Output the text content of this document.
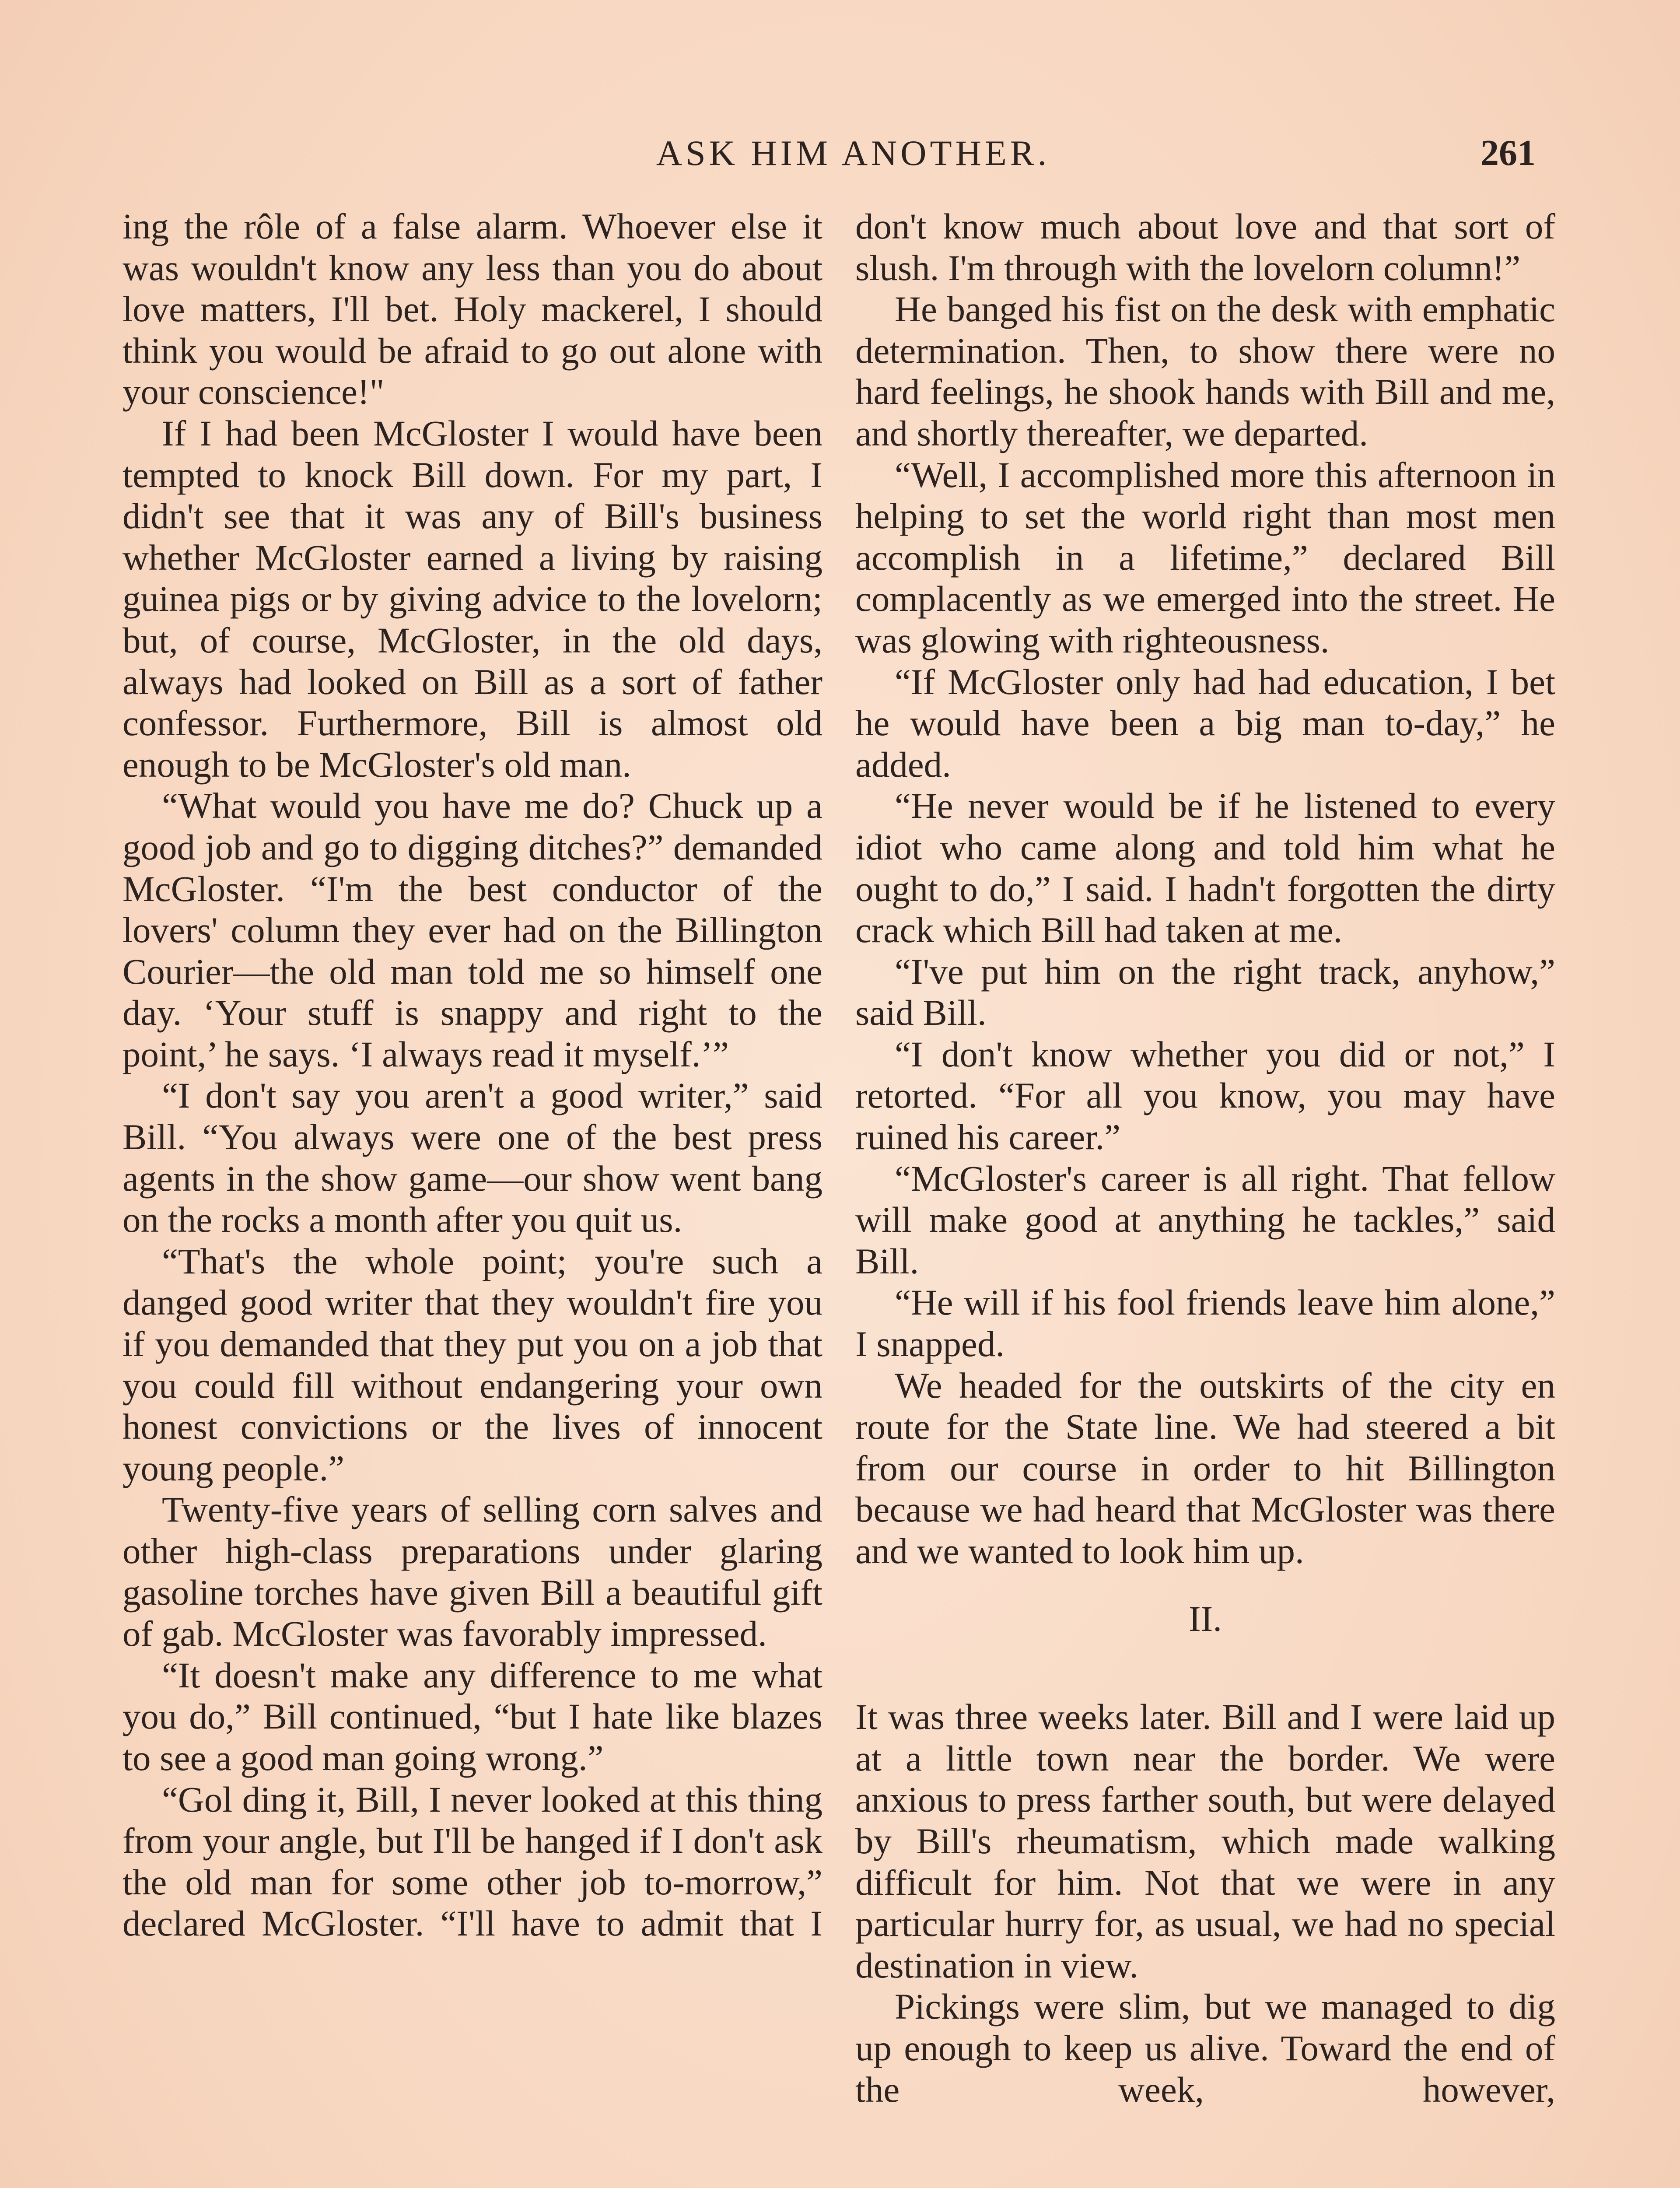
ASK HIM ANOTHER.	261

ing the rôle of a false alarm. Whoever else it was wouldn't know any less than you do about love matters, I'll bet. Holy mackerel, I should think you would be afraid to go out alone with your conscience!"

If I had been McGloster I would have been tempted to knock Bill down. For my part, I didn't see that it was any of Bill's business whether McGloster earned a living by raising guinea pigs or by giving advice to the lovelorn; but, of course, McGloster, in the old days, always had looked on Bill as a sort of father confessor. Furthermore, Bill is almost old enough to be McGloster's old man.

“What would you have me do? Chuck up a good job and go to digging ditches?” demanded McGloster. “I'm the best conductor of the lovers' column they ever had on the Billington Courier—the old man told me so himself one day. ‘Your stuff is snappy and right to the point,’ he says. ‘I always read it myself.’”

“I don't say you aren't a good writer,” said Bill. “You always were one of the best press agents in the show game—our show went bang on the rocks a month after you quit us.

“That's the whole point; you're such a danged good writer that they wouldn't fire you if you demanded that they put you on a job that you could fill without endangering your own honest convictions or the lives of innocent young people.”

Twenty-five years of selling corn salves and other high-class preparations under glaring gasoline torches have given Bill a beautiful gift of gab. McGloster was favorably impressed.

“It doesn't make any difference to me what you do,” Bill continued, “but I hate like blazes to see a good man going wrong.”

“Gol ding it, Bill, I never looked at this thing from your angle, but I'll be hanged if I don't ask the old man for some other job to-morrow,” declared McGloster. “I'll have to admit that I

don't know much about love and that sort of slush. I'm through with the lovelorn column!”

He banged his fist on the desk with emphatic determination. Then, to show there were no hard feelings, he shook hands with Bill and me, and shortly thereafter, we departed.

“Well, I accomplished more this afternoon in helping to set the world right than most men accomplish in a lifetime,” declared Bill complacently as we emerged into the street. He was glowing with righteousness.

“If McGloster only had had education, I bet he would have been a big man to-day,” he added.

“He never would be if he listened to every idiot who came along and told him what he ought to do,” I said. I hadn't forgotten the dirty crack which Bill had taken at me.

“I've put him on the right track, anyhow,” said Bill.

“I don't know whether you did or not,” I retorted. “For all you know, you may have ruined his career.”

“McGloster's career is all right. That fellow will make good at anything he tackles,” said Bill.

“He will if his fool friends leave him alone,” I snapped.

We headed for the outskirts of the city en route for the State line. We had steered a bit from our course in order to hit Billington because we had heard that McGloster was there and we wanted to look him up.

II.

It was three weeks later. Bill and I were laid up at a little town near the border. We were anxious to press farther south, but were delayed by Bill's rheumatism, which made walking difficult for him. Not that we were in any particular hurry for, as usual, we had no special destination in view.

Pickings were slim, but we managed to dig up enough to keep us alive. Toward the end of the week, however,
